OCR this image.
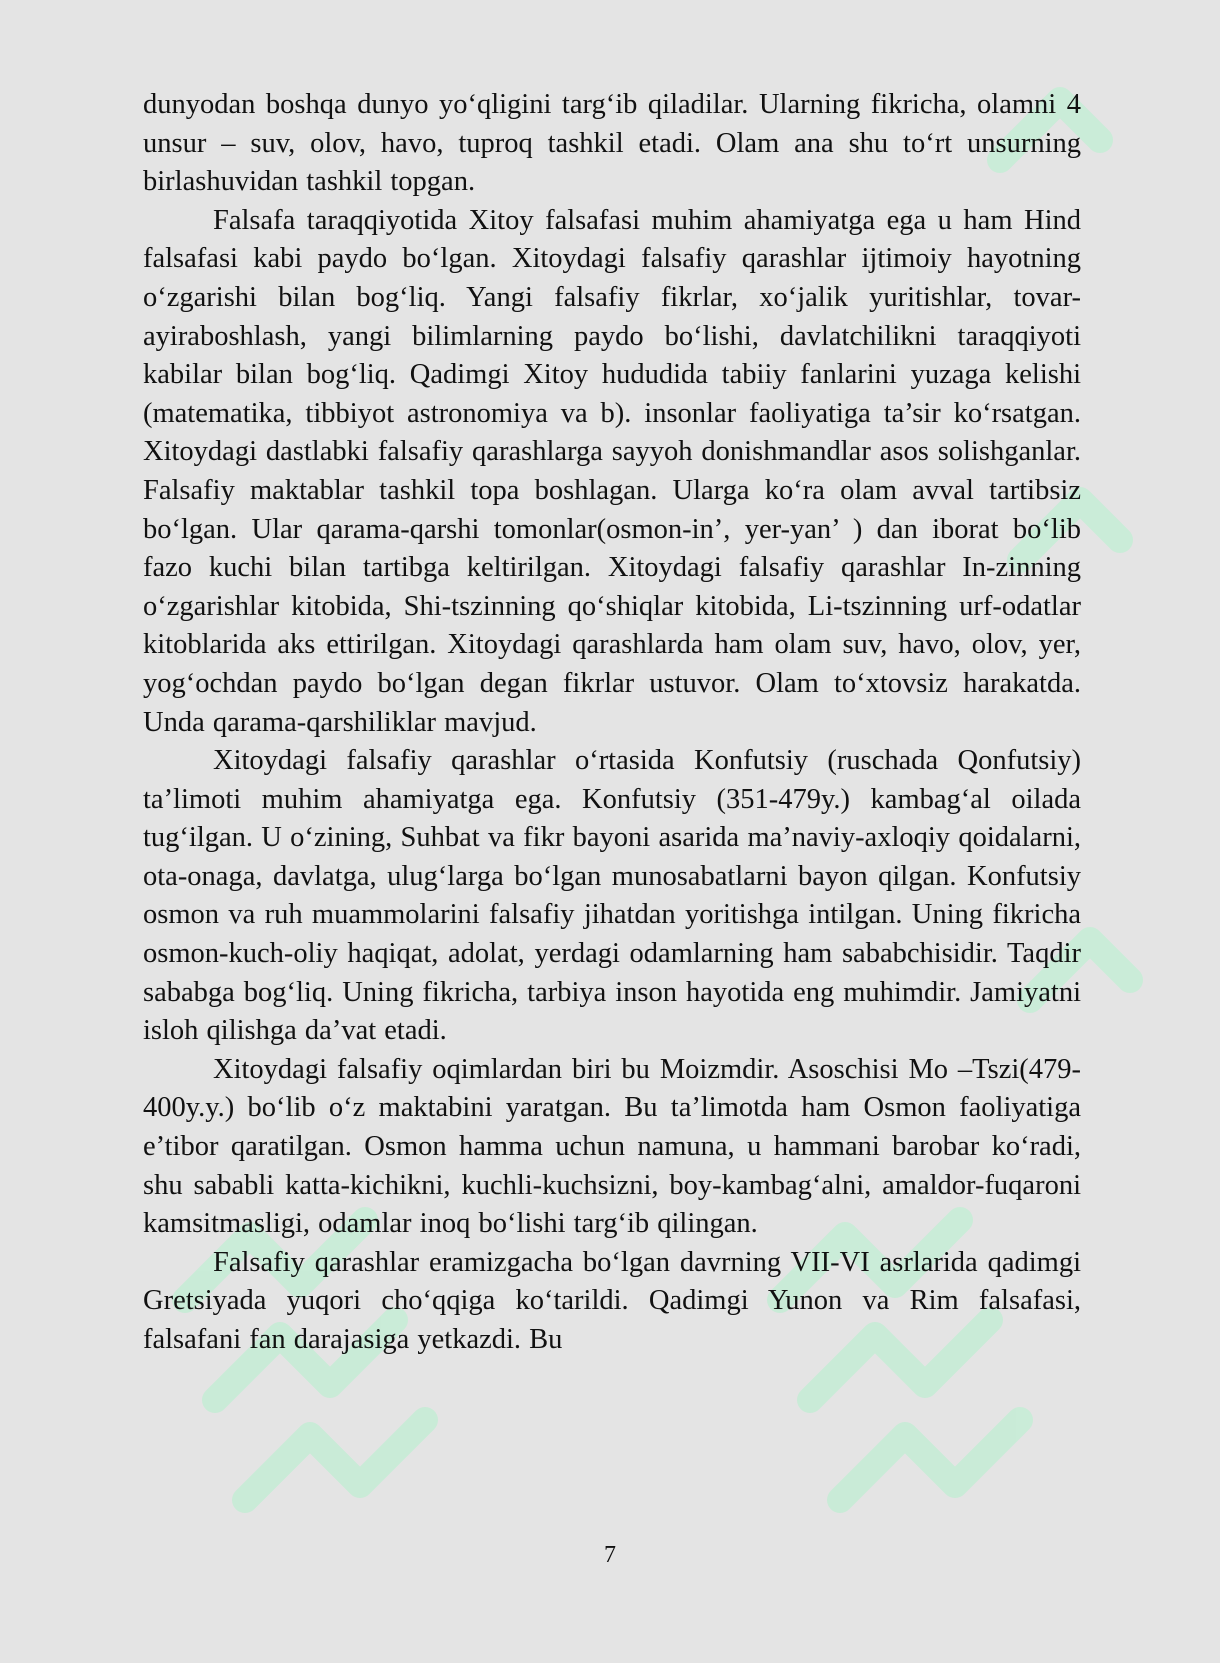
dunyodan boshqa dunyo yo‘qligini targ‘ib qiladilar. Ularning fikricha, olamni 4 unsur – suv, olov, havo, tuproq tashkil etadi. Olam ana shu to‘rt unsurning birlashuvidan tashkil topgan.

Falsafa taraqqiyotida Xitoy falsafasi muhim ahamiyatga ega u ham Hind falsafasi kabi paydo bo‘lgan. Xitoydagi falsafiy qarashlar ijtimoiy hayotning o‘zgarishi bilan bog‘liq. Yangi falsafiy fikrlar, xo‘jalik yuritishlar, tovar-ayiraboshlash, yangi bilimlarning paydo bo‘lishi, davlatchilikni taraqqiyoti kabilar bilan bog‘liq. Qadimgi Xitoy hududida tabiiy fanlarini yuzaga kelishi (matematika, tibbiyot astronomiya va b). insonlar faoliyatiga ta’sir ko‘rsatgan. Xitoydagi dastlabki falsafiy qarashlarga sayyoh donishmandlar asos solishganlar. Falsafiy maktablar tashkil topa boshlagan. Ularga ko‘ra olam avval tartibsiz bo‘lgan. Ular qarama-qarshi tomonlar(osmon-in’, yer-yan’ ) dan iborat bo‘lib fazo kuchi bilan tartibga keltirilgan. Xitoydagi falsafiy qarashlar In-zinning o‘zgarishlar kitobida, Shi-tszinning qo‘shiqlar kitobida, Li-tszinning urf-odatlar kitoblarida aks ettirilgan. Xitoydagi qarashlarda ham olam suv, havo, olov, yer, yog‘ochdan paydo bo‘lgan degan fikrlar ustuvor. Olam to‘xtovsiz harakatda. Unda qarama-qarshiliklar mavjud.

Xitoydagi falsafiy qarashlar o‘rtasida Konfutsiy (ruschada Qonfutsiy) ta’limoti muhim ahamiyatga ega. Konfutsiy (351-479y.) kambag‘al oilada tug‘ilgan. U o‘zining, Suhbat va fikr bayoni asarida ma’naviy-axloqiy qoidalarni, ota-onaga, davlatga, ulug‘larga bo‘lgan munosabatlarni bayon qilgan. Konfutsiy osmon va ruh muammolarini falsafiy jihatdan yoritishga intilgan. Uning fikricha osmon-kuch-oliy haqiqat, adolat, yerdagi odamlarning ham sababchisidir. Taqdir sababga bog‘liq. Uning fikricha, tarbiya inson hayotida eng muhimdir. Jamiyatni isloh qilishga da’vat etadi.

Xitoydagi falsafiy oqimlardan biri bu Moizmdir. Asoschisi Mo –Tszi(479-400y.y.) bo‘lib o‘z maktabini yaratgan. Bu ta’limotda ham Osmon faoliyatiga e’tibor qaratilgan. Osmon hamma uchun namuna, u hammani barobar ko‘radi, shu sababli katta-kichikni, kuchli-kuchsizni, boy-kambag‘alni, amaldor-fuqaroni kamsitmasligi, odamlar inoq bo‘lishi targ‘ib qilingan.

Falsafiy qarashlar eramizgacha bo‘lgan davrning VII-VI asrlarida qadimgi Gretsiyada yuqori cho‘qqiga ko‘tarildi. Qadimgi Yunon va Rim falsafasi, falsafani fan darajasiga yetkazdi. Bu

7
